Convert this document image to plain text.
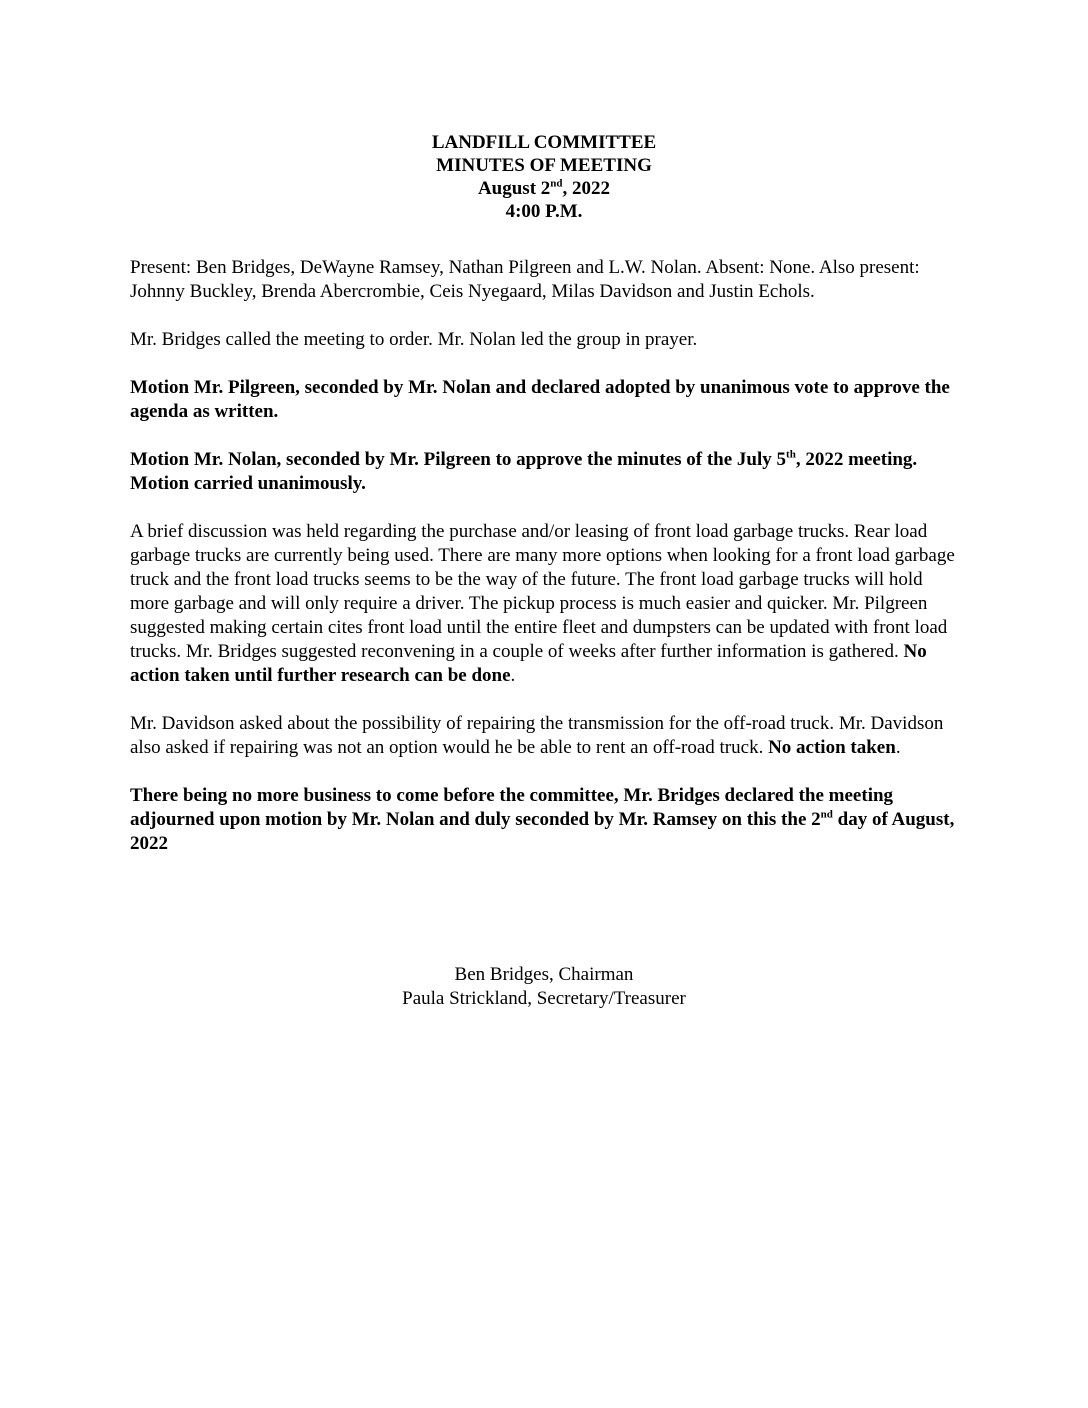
LANDFILL COMMITTEE
MINUTES OF MEETING
August 2nd, 2022
4:00 P.M.

Present: Ben Bridges, DeWayne Ramsey, Nathan Pilgreen and L.W. Nolan. Absent: None. Also present: Johnny Buckley, Brenda Abercrombie, Ceis Nyegaard, Milas Davidson and Justin Echols.

Mr. Bridges called the meeting to order. Mr. Nolan led the group in prayer.

Motion Mr. Pilgreen, seconded by Mr. Nolan and declared adopted by unanimous vote to approve the agenda as written.

Motion Mr. Nolan, seconded by Mr. Pilgreen to approve the minutes of the July 5th, 2022 meeting. Motion carried unanimously.

A brief discussion was held regarding the purchase and/or leasing of front load garbage trucks. Rear load garbage trucks are currently being used. There are many more options when looking for a front load garbage truck and the front load trucks seems to be the way of the future. The front load garbage trucks will hold more garbage and will only require a driver. The pickup process is much easier and quicker. Mr. Pilgreen suggested making certain cites front load until the entire fleet and dumpsters can be updated with front load trucks. Mr. Bridges suggested reconvening in a couple of weeks after further information is gathered. No action taken until further research can be done.

Mr. Davidson asked about the possibility of repairing the transmission for the off-road truck. Mr. Davidson also asked if repairing was not an option would he be able to rent an off-road truck. No action taken.

There being no more business to come before the committee, Mr. Bridges declared the meeting adjourned upon motion by Mr. Nolan and duly seconded by Mr. Ramsey on this the 2nd day of August, 2022

Ben Bridges, Chairman
Paula Strickland, Secretary/Treasurer
